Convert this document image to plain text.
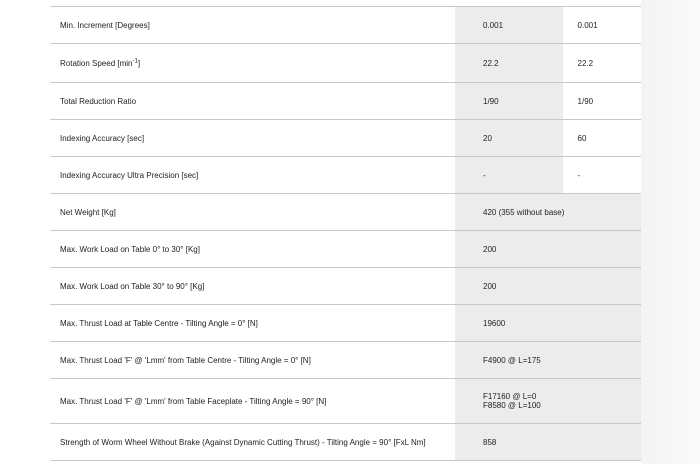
Min. Increment [Degrees]	0.001	0.001
Rotation Speed $[\min^{-1}]$	22.2	22.2
Total Reduction Ratio	1/90	1/90
Indexing Accuracy [sec]	20	60
Indexing Accuracy Ultra Precision [sec]	-	-
Net Weight [Kg]	420 (355 without base)	
Max. Work Load on Table 0° to 30° [Kg]	200	
Max. Work Load on Table 30° to 90° [Kg]	200	
Max. Thrust Load at Table Centre - Tilting Angle = 0° [N]	19600	
Max. Thrust Load 'F' @ 'Lmm' from Table Centre - Tilting Angle = 0° [N]	F4900 @ L=175	
Max. Thrust Load 'F' @ 'Lmm' from Table Faceplate - Tilting Angle = 90° [N]	F17160 @ L=0
F8580 @ L=100	

Strength of Worm Wheel Without Brake (Against Dynamic Cutting Thrust) - Tilting Angle = 90° [FxL Nm]	858	
